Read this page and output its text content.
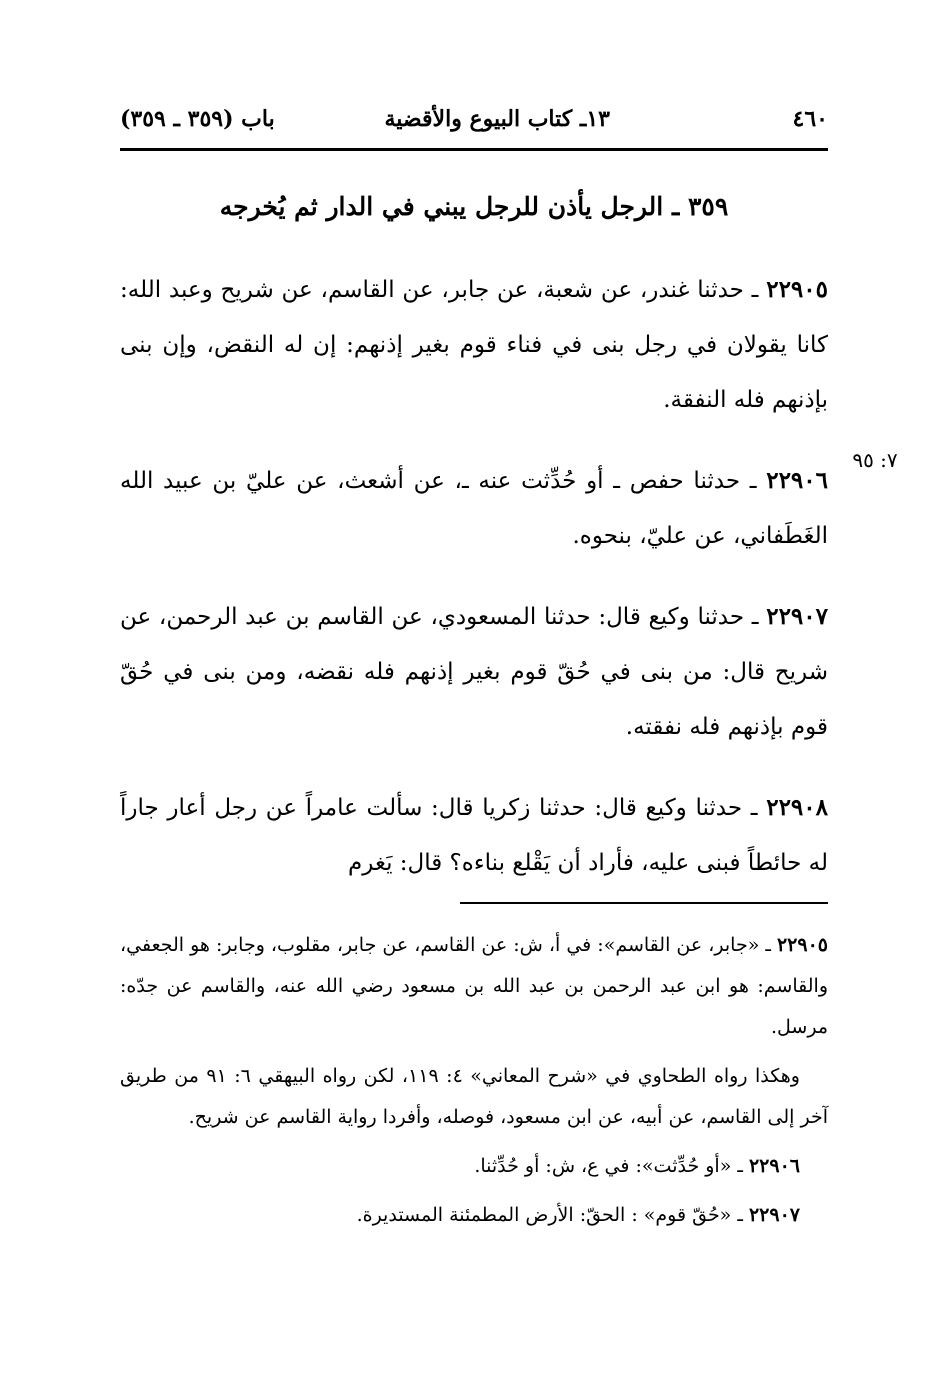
٤٦٠
١٣ـ كتاب البيوع والأقضية
باب (٣٥٩ ـ ٣٥٩)
٣٥٩ ـ الرجل يأذن للرجل يبني في الدار ثم يُخرجه
٧: ٩٥

٢٢٩٠٥ ـ حدثنا غندر، عن شعبة، عن جابر، عن القاسم، عن شريح وعبد الله: كانا يقولان في رجل بنى في فناء قوم بغير إذنهم: إن له النقض، وإن بنى بإذنهم فله النفقة.

٢٢٩٠٦ ـ حدثنا حفص ـ أو حُدِّثت عنه ـ، عن أشعث، عن عليّ بن عبيد الله الغَطَفاني، عن عليّ، بنحوه.

٢٢٩٠٧ ـ حدثنا وكيع قال: حدثنا المسعودي، عن القاسم بن عبد الرحمن، عن شريح قال: من بنى في حُقّ قوم بغير إذنهم فله نقضه، ومن بنى في حُقّ قوم بإذنهم فله نفقته.

٢٢٩٠٨ ـ حدثنا وكيع قال: حدثنا زكريا قال: سألت عامراً عن رجل أعار جاراً له حائطاً فبنى عليه، فأراد أن يَقْلع بناءه؟ قال: يَغرم

٢٢٩٠٥ ـ «جابر، عن القاسم»: في أ، ش: عن القاسم، عن جابر، مقلوب، وجابر: هو الجعفي، والقاسم: هو ابن عبد الرحمن بن عبد الله بن مسعود رضي الله عنه، والقاسم عن جدّه: مرسل.

وهكذا رواه الطحاوي في «شرح المعاني» ٤: ١١٩، لكن رواه البيهقي ٦: ٩١ من طريق آخر إلى القاسم، عن أبيه، عن ابن مسعود، فوصله، وأفردا رواية القاسم عن شريح.

٢٢٩٠٦ ـ «أو حُدِّثت»: في ع، ش: أو حُدِّثنا.

٢٢٩٠٧ ـ «حُقّ قوم» : الحقّ: الأرض المطمئنة المستديرة.
